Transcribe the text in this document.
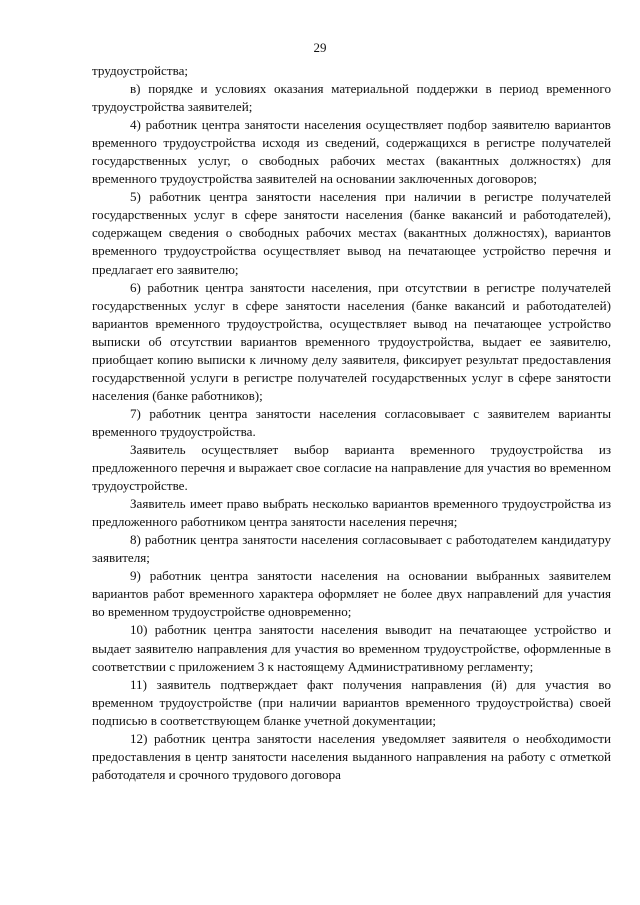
29

трудоустройства;

в) порядке и условиях оказания материальной поддержки в период временного трудоустройства заявителей;

4) работник центра занятости населения осуществляет подбор заявителю вариантов временного трудоустройства исходя из сведений, содержащихся в регистре получателей государственных услуг, о свободных рабочих местах (вакантных должностях) для временного трудоустройства заявителей на основании заключенных договоров;

5) работник центра занятости населения при наличии в регистре получателей государственных услуг в сфере занятости населения (банке вакансий и работодателей), содержащем сведения о свободных рабочих местах (вакантных должностях), вариантов временного трудоустройства осуществляет вывод на печатающее устройство перечня и предлагает его заявителю;

6) работник центра занятости населения, при отсутствии в регистре получателей государственных услуг в сфере занятости населения (банке вакансий и работодателей) вариантов временного трудоустройства, осуществляет вывод на печатающее устройство выписки об отсутствии вариантов временного трудоустройства, выдает ее заявителю, приобщает копию выписки к личному делу заявителя, фиксирует результат предоставления государственной услуги в регистре получателей государственных услуг в сфере занятости населения (банке работников);

7) работник центра занятости населения согласовывает с заявителем варианты временного трудоустройства.

Заявитель осуществляет выбор варианта временного трудоустройства из предложенного перечня и выражает свое согласие на направление для участия во временном трудоустройстве.

Заявитель имеет право выбрать несколько вариантов временного трудоустройства из предложенного работником центра занятости населения перечня;

8) работник центра занятости населения согласовывает с работодателем кандидатуру заявителя;

9) работник центра занятости населения на основании выбранных заявителем вариантов работ временного характера оформляет не более двух направлений для участия во временном трудоустройстве одновременно;

10) работник центра занятости населения выводит на печатающее устройство и выдает заявителю направления для участия во временном трудоустройстве, оформленные в соответствии с приложением 3 к настоящему Административному регламенту;

11) заявитель подтверждает факт получения направления (й) для участия во временном трудоустройстве (при наличии вариантов временного трудоустройства) своей подписью в соответствующем бланке учетной документации;

12) работник центра занятости населения уведомляет заявителя о необходимости предоставления в центр занятости населения выданного направления на работу с отметкой работодателя и срочного трудового договора
